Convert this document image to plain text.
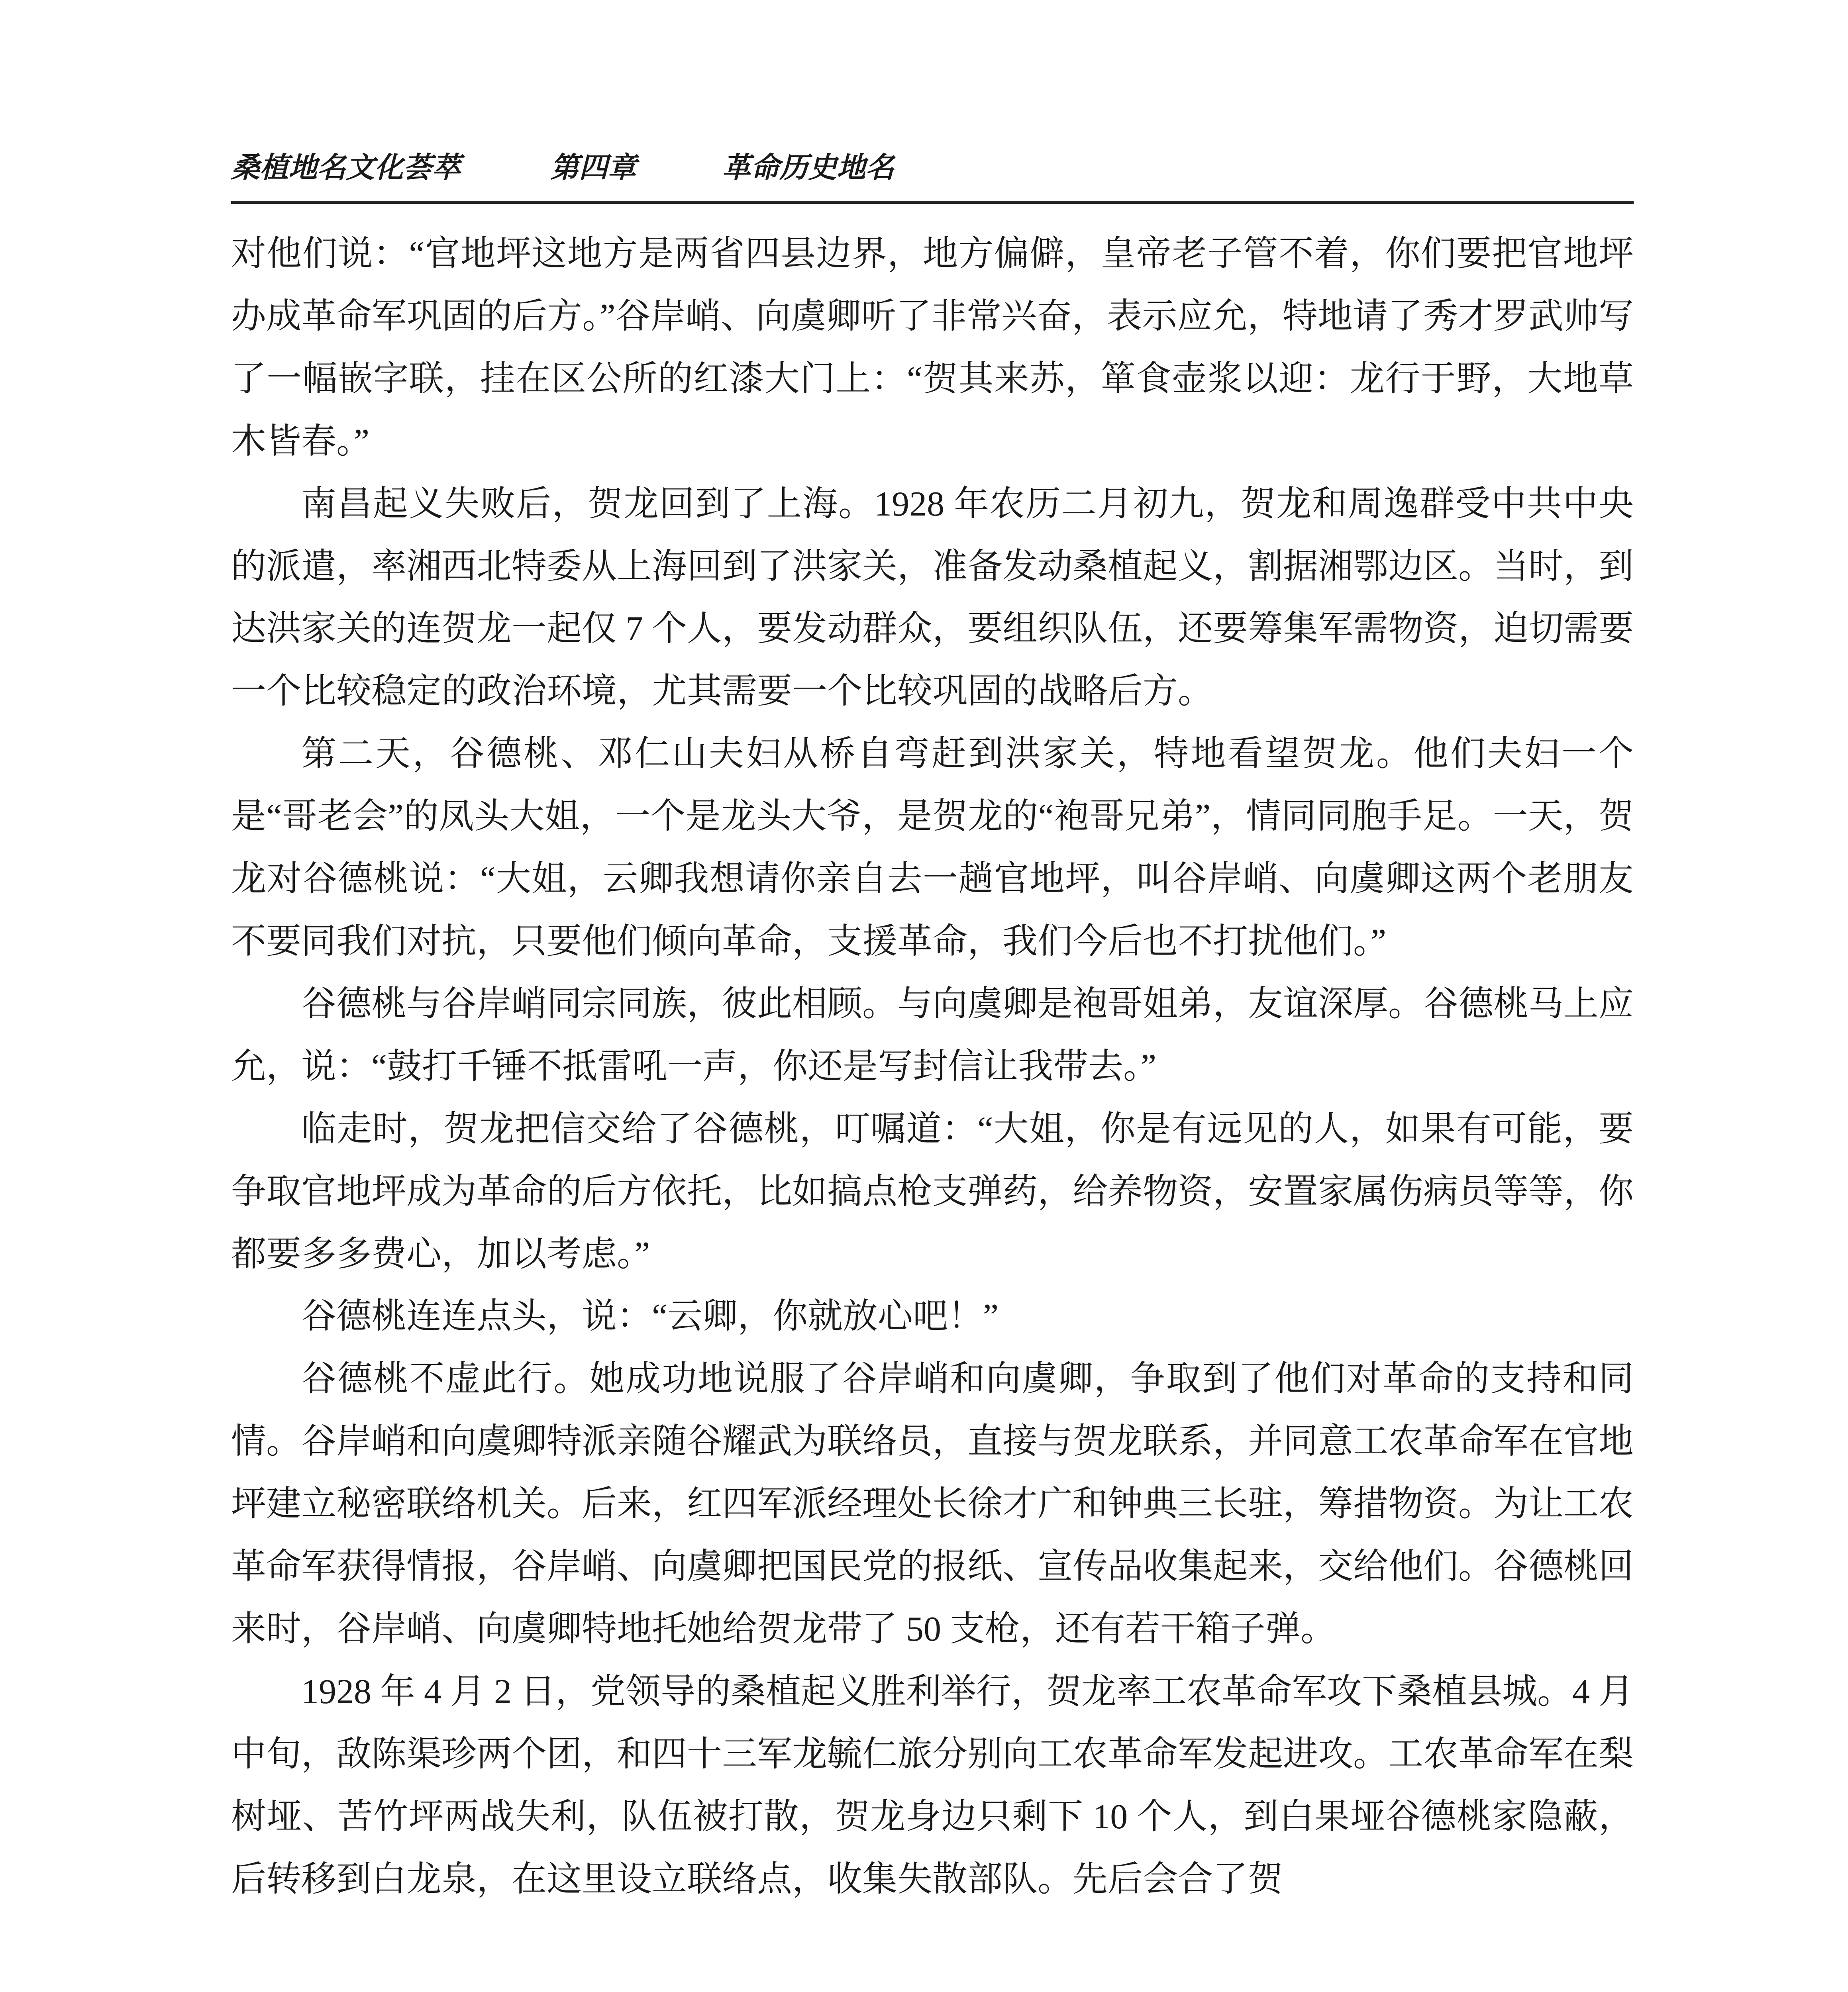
桑植地名文化荟萃	第四章	革命历史地名

对他们说：“官地坪这地方是两省四县边界，地方偏僻，皇帝老子管不着，你们要把官地坪办成革命军巩固的后方。”谷岸峭、向虞卿听了非常兴奋，表示应允，特地请了秀才罗武帅写了一幅嵌字联，挂在区公所的红漆大门上：“贺其来苏，箪食壶浆以迎：龙行于野，大地草木皆春。”

南昌起义失败后，贺龙回到了上海。1928 年农历二月初九，贺龙和周逸群受中共中央的派遣，率湘西北特委从上海回到了洪家关，准备发动桑植起义，割据湘鄂边区。当时，到达洪家关的连贺龙一起仅 7 个人，要发动群众，要组织队伍，还要筹集军需物资，迫切需要一个比较稳定的政治环境，尤其需要一个比较巩固的战略后方。

第二天，谷德桃、邓仁山夫妇从桥自弯赶到洪家关，特地看望贺龙。他们夫妇一个是“哥老会”的凤头大姐，一个是龙头大爷，是贺龙的“袍哥兄弟”，情同同胞手足。一天，贺龙对谷德桃说：“大姐，云卿我想请你亲自去一趟官地坪，叫谷岸峭、向虞卿这两个老朋友不要同我们对抗，只要他们倾向革命，支援革命，我们今后也不打扰他们。”

谷德桃与谷岸峭同宗同族，彼此相顾。与向虞卿是袍哥姐弟，友谊深厚。谷德桃马上应允，说：“鼓打千锤不抵雷吼一声，你还是写封信让我带去。”

临走时，贺龙把信交给了谷德桃，叮嘱道：“大姐，你是有远见的人，如果有可能，要争取官地坪成为革命的后方依托，比如搞点枪支弹药，给养物资，安置家属伤病员等等，你都要多多费心，加以考虑。”

谷德桃连连点头，说：“云卿，你就放心吧！”

谷德桃不虚此行。她成功地说服了谷岸峭和向虞卿，争取到了他们对革命的支持和同情。谷岸峭和向虞卿特派亲随谷耀武为联络员，直接与贺龙联系，并同意工农革命军在官地坪建立秘密联络机关。后来，红四军派经理处长徐才广和钟典三长驻，筹措物资。为让工农革命军获得情报，谷岸峭、向虞卿把国民党的报纸、宣传品收集起来，交给他们。谷德桃回来时，谷岸峭、向虞卿特地托她给贺龙带了 50 支枪，还有若干箱子弹。

1928 年 4 月 2 日，党领导的桑植起义胜利举行，贺龙率工农革命军攻下桑植县城。4 月中旬，敌陈渠珍两个团，和四十三军龙毓仁旅分别向工农革命军发起进攻。工农革命军在梨树垭、苦竹坪两战失利，队伍被打散，贺龙身边只剩下 10 个人，到白果垭谷德桃家隐蔽，后转移到白龙泉，在这里设立联络点，收集失散部队。先后会合了贺
